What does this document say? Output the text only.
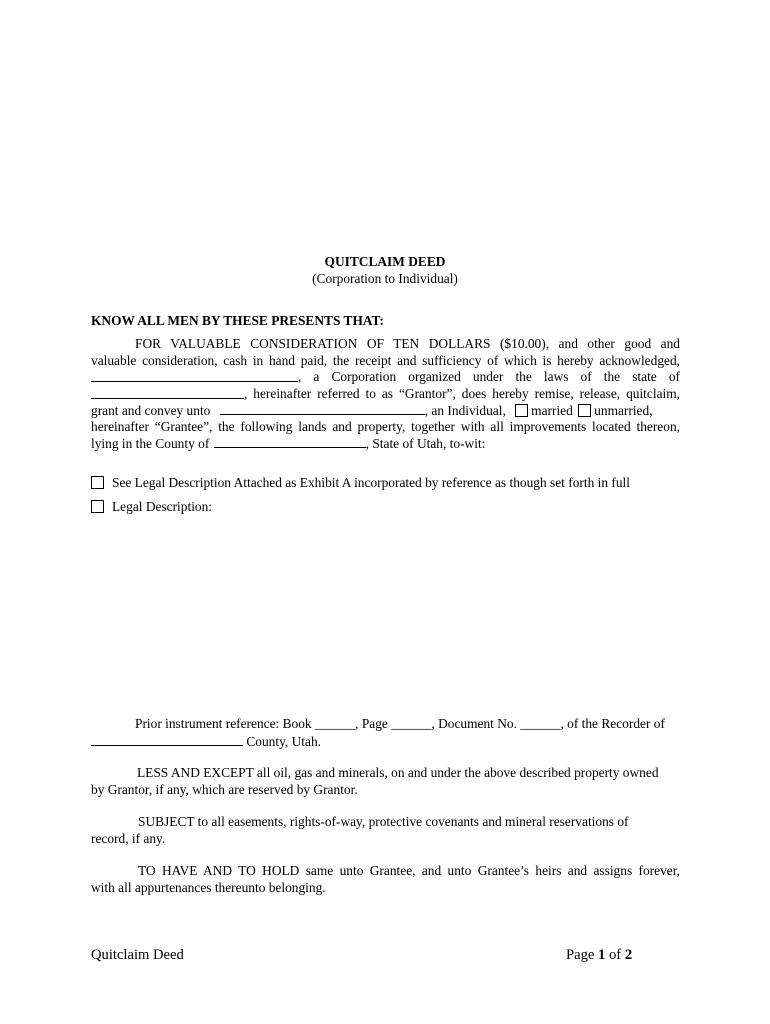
QUITCLAIM DEED
(Corporation to Individual)
KNOW ALL MEN BY THESE PRESENTS THAT:
FOR VALUABLE CONSIDERATION OF TEN DOLLARS ($10.00), and other good and
valuable consideration, cash in hand paid, the receipt and sufficiency of which is hereby acknowledged,
, a Corporation organized under the laws of the state of
, hereinafter referred to as “Grantor”, does hereby remise, release, quitclaim,
grant and convey unto	, an Individual, married unmarried,
hereinafter “Grantee”, the following lands and property, together with all improvements located thereon,
lying in the County of	, State of Utah, to-wit:
See Legal Description Attached as Exhibit A incorporated by reference as though set forth in full
Legal Description:
Prior instrument reference: Book ______, Page ______, Document No. ______, of the Recorder of
County, Utah.
LESS AND EXCEPT all oil, gas and minerals, on and under the above described property owned
by Grantor, if any, which are reserved by Grantor.
SUBJECT to all easements, rights-of-way, protective covenants and mineral reservations of
record, if any.
TO HAVE AND TO HOLD same unto Grantee, and unto Grantee’s heirs and assigns forever,
with all appurtenances thereunto belonging.
Quitclaim Deed	Page 1 of 2
